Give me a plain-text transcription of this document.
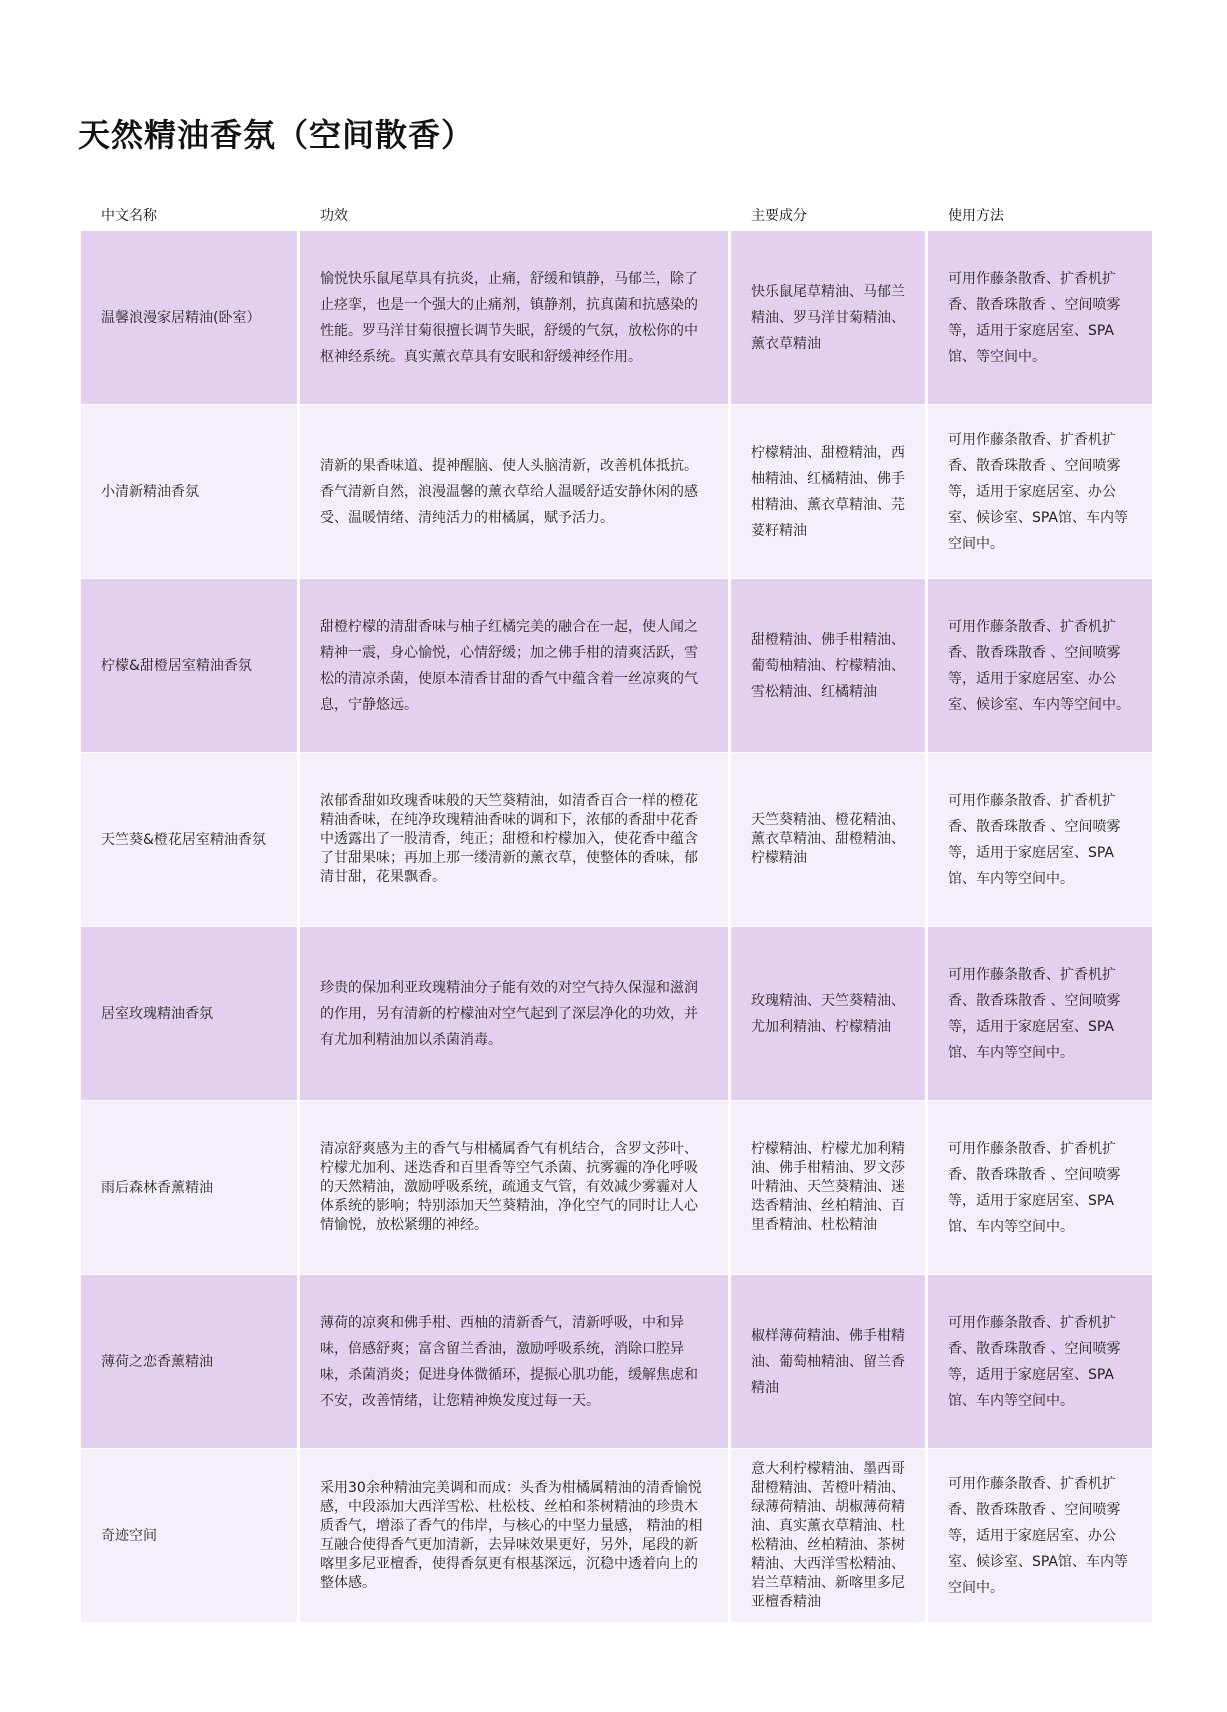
天然精油香氛（空间散香）
中文名称	功效	主要成分	使用方法
温馨浪漫家居精油(卧室）	愉悦快乐鼠尾草具有抗炎，止痛，舒缓和镇静，马郁兰，除了止痉挛，也是一个强大的止痛剂，镇静剂，抗真菌和抗感染的性能。罗马洋甘菊很擅长调节失眠，舒缓的气氛，放松你的中枢神经系统。真实薰衣草具有安眠和舒缓神经作用。	快乐鼠尾草精油、马郁兰精油、罗马洋甘菊精油、薰衣草精油	可用作藤条散香、扩香机扩香、散香珠散香 、空间喷雾等，适用于家庭居室、SPA馆、等空间中。
小清新精油香氛	清新的果香味道、提神醒脑、使人头脑清新，改善机体抵抗。香气清新自然，浪漫温馨的薰衣草给人温暖舒适安静休闲的感受、温暖情绪、清纯活力的柑橘属，赋予活力。	柠檬精油、甜橙精油，西柚精油、红橘精油、佛手柑精油、薰衣草精油、芫荽籽精油	可用作藤条散香、扩香机扩香、散香珠散香 、空间喷雾等，适用于家庭居室、办公室、候诊室、SPA馆、车内等空间中。
柠檬&甜橙居室精油香氛	甜橙柠檬的清甜香味与柚子红橘完美的融合在一起，使人闻之精神一震，身心愉悦，心情舒缓；加之佛手柑的清爽活跃，雪松的清凉杀菌，使原本清香甘甜的香气中蕴含着一丝凉爽的气息，宁静悠远。	甜橙精油、佛手柑精油、葡萄柚精油、柠檬精油、雪松精油、红橘精油	可用作藤条散香、扩香机扩香、散香珠散香 、空间喷雾等，适用于家庭居室、办公室、候诊室、车内等空间中。
天竺葵&橙花居室精油香氛	浓郁香甜如玫瑰香味般的天竺葵精油，如清香百合一样的橙花精油香味，在纯净玫瑰精油香味的调和下，浓郁的香甜中花香中透露出了一股清香，纯正；甜橙和柠檬加入，使花香中蕴含了甘甜果味；再加上那一缕清新的薰衣草，使整体的香味，郁清甘甜，花果飘香。	天竺葵精油、橙花精油、薰衣草精油、甜橙精油、柠檬精油	可用作藤条散香、扩香机扩香、散香珠散香 、空间喷雾等，适用于家庭居室、SPA馆、车内等空间中。
居室玫瑰精油香氛	珍贵的保加利亚玫瑰精油分子能有效的对空气持久保湿和滋润的作用，另有清新的柠檬油对空气起到了深层净化的功效，并有尤加利精油加以杀菌消毒。	玫瑰精油、天竺葵精油、尤加利精油、柠檬精油	可用作藤条散香、扩香机扩香、散香珠散香 、空间喷雾等，适用于家庭居室、SPA馆、车内等空间中。
雨后森林香薰精油	清凉舒爽感为主的香气与柑橘属香气有机结合，含罗文莎叶、柠檬尤加利、迷迭香和百里香等空气杀菌、抗雾霾的净化呼吸的天然精油，激励呼吸系统，疏通支气管，有效减少雾霾对人体系统的影响；特别添加天竺葵精油，净化空气的同时让人心情愉悦，放松紧绷的神经。	柠檬精油、柠檬尤加利精油、佛手柑精油、罗文莎叶精油、天竺葵精油、迷迭香精油、丝柏精油、百里香精油、杜松精油	可用作藤条散香、扩香机扩香、散香珠散香 、空间喷雾等，适用于家庭居室、SPA馆、车内等空间中。
薄荷之恋香薰精油	薄荷的凉爽和佛手柑、西柚的清新香气，清新呼吸，中和异味，倍感舒爽；富含留兰香油，激励呼吸系统，消除口腔异味，杀菌消炎；促进身体微循环，提振心肌功能，缓解焦虑和不安，改善情绪，让您精神焕发度过每一天。	椒样薄荷精油、佛手柑精油、葡萄柚精油、留兰香精油	可用作藤条散香、扩香机扩香、散香珠散香 、空间喷雾等，适用于家庭居室、SPA馆、车内等空间中。
奇迹空间	采用30余种精油完美调和而成：头香为柑橘属精油的清香愉悦感，中段添加大西洋雪松、杜松枝、丝柏和茶树精油的珍贵木质香气，增添了香气的伟岸，与核心的中坚力量感， 精油的相互融合使得香气更加清新，去异味效果更好，另外，尾段的新喀里多尼亚檀香，使得香氛更有根基深远，沉稳中透着向上的整体感。	意大利柠檬精油、墨西哥甜橙精油、苦橙叶精油、绿薄荷精油、胡椒薄荷精油、真实薰衣草精油、杜松精油、丝柏精油、茶树精油、大西洋雪松精油、岩兰草精油、新喀里多尼亚檀香精油	可用作藤条散香、扩香机扩香、散香珠散香 、空间喷雾等，适用于家庭居室、办公室、候诊室、SPA馆、车内等空间中。
